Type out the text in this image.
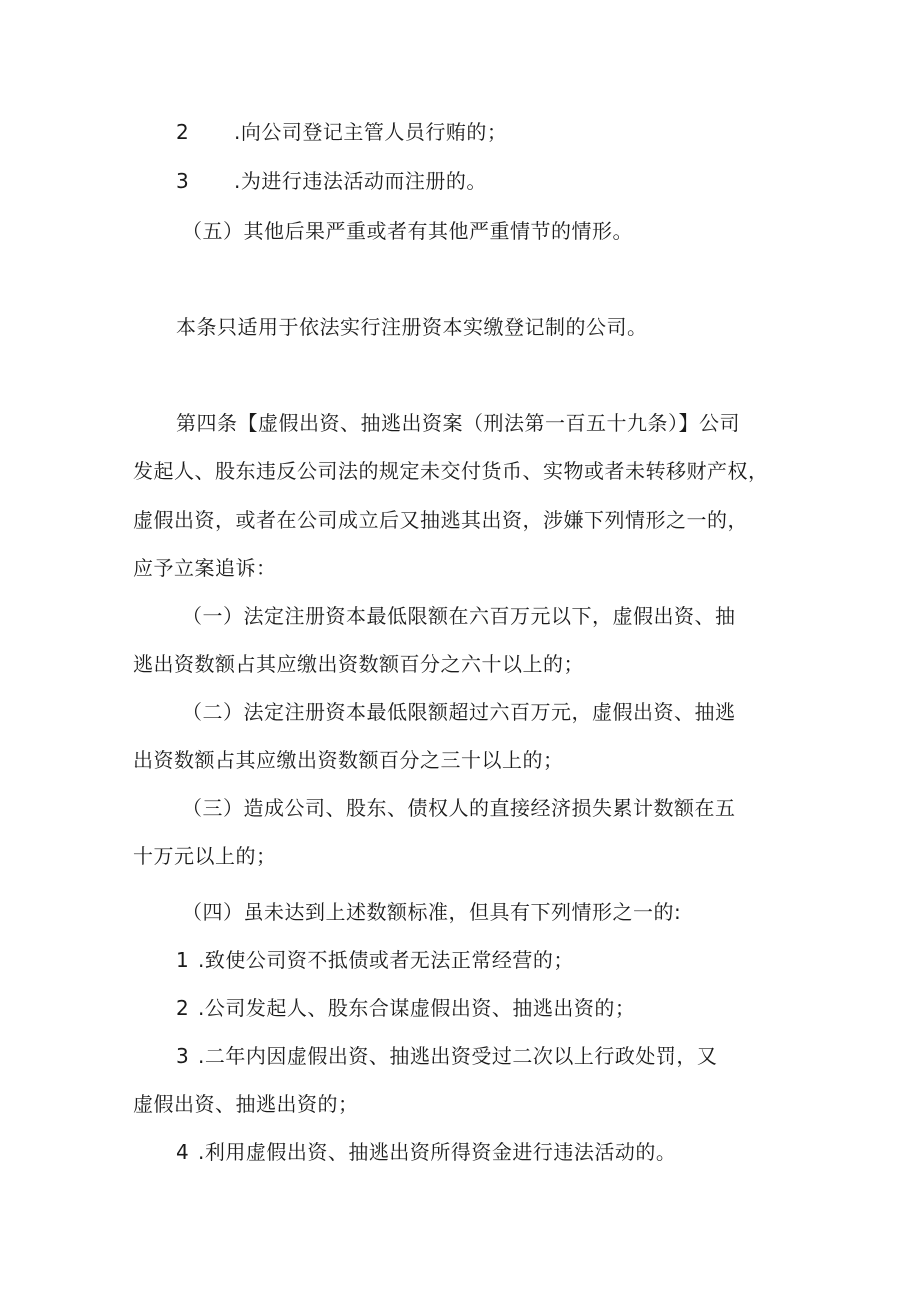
2 .向公司登记主管人员行贿的；
3 .为进行违法活动而注册的。
（五）其他后果严重或者有其他严重情节的情形。
本条只适用于依法实行注册资本实缴登记制的公司。
第四条【虚假出资、抽逃出资案（刑法第一百五十九条）】公司
发起人、股东违反公司法的规定未交付货币、实物或者未转移财产权，
虚假出资，或者在公司成立后又抽逃其出资，涉嫌下列情形之一的，
应予立案追诉：
（一）法定注册资本最低限额在六百万元以下，虚假出资、抽
逃出资数额占其应缴出资数额百分之六十以上的；
（二）法定注册资本最低限额超过六百万元，虚假出资、抽逃
出资数额占其应缴出资数额百分之三十以上的；
（三）造成公司、股东、债权人的直接经济损失累计数额在五
十万元以上的；
（四）虽未达到上述数额标准，但具有下列情形之一的:
1 .致使公司资不抵债或者无法正常经营的；
2 .公司发起人、股东合谋虚假出资、抽逃出资的；
3 .二年内因虚假出资、抽逃出资受过二次以上行政处罚，又
虚假出资、抽逃出资的；
4 .利用虚假出资、抽逃出资所得资金进行违法活动的。
